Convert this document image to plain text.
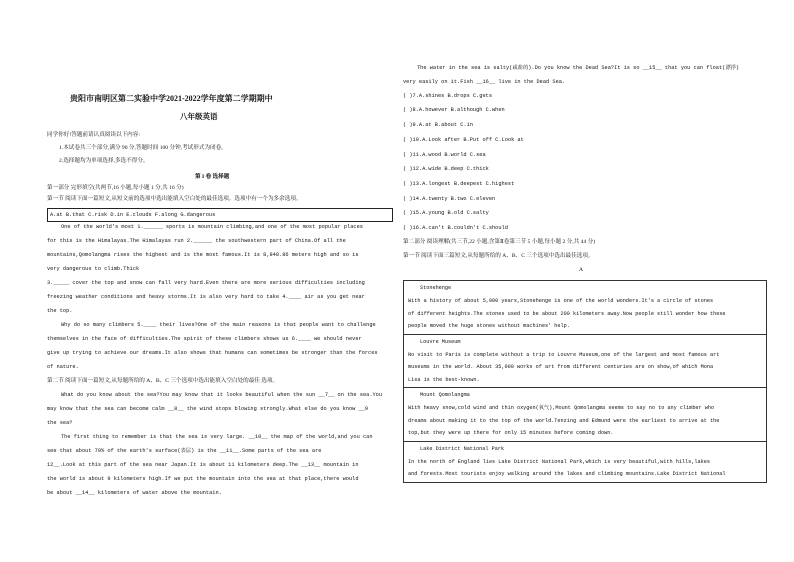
贵阳市南明区第二实验中学2021-2022学年度第二学期期中
八年级英语
同学你好!答题前请认真阅读以下内容:
1.本试卷共三个部分,满分 90 分,答题时间 100 分钟,考试形式为闭卷。
2.选择题均为单项选择,多选不得分。
第 I 卷 选择题
第一部分 完形填空(共两节,16 小题,每小题 1 分,共 16 分)
第一节 阅读下面一篇短文,从短文前的选项中选出能填入空白处的最佳选项。选项中有一个为多余选项。
A.at B.that C.risk D.in E.clouds F.along G.dangerous
One of the world's most 1.______ sports is mountain climbing,and one of the most popular places
for this is the Himalayas.The Himalayas run 2.______ the southwestern part of China.Of all the
mountains,Qomolangma rises the highest and is the most famous.It is 8,848.86 meters high and so is
very dangerous to climb.Thick
3._____ cover the top and snow can fall very hard.Even there are more serious difficulties including
freezing weather conditions and heavy storms.It is also very hard to take 4.____ air as you get near
the top.
Why do so many climbers 5.____ their lives?One of the main reasons is that people want to challenge
themselves in the face of difficulties.The spirit of these climbers shows us 6.____ we should never
give up trying to achieve our dreams.It also shows that humans can sometimes be stronger than the forces
of nature.
第二节 阅读下面一篇短文,从每题所给的 A、B、C 三个选项中选出能填入空白处的最佳 选项。
What do you know about the sea?You may know that it looks beautiful when the sun __7__ on the sea.You
may know that the sea can become calm __8__ the wind stops blowing strongly.What else do you know __9
the sea?
The first thing to remember is that the sea is very large. __10__ the map of the world,and you can
see that about 70% of the earth's surface(表层) is the __11__.Some parts of the sea are
12__.Look at this part of the sea near Japan.It is about 11 kilometers deep.The __13__ mountain in
the world is about 9 kilometers high.If we put the mountain into the sea at that place,there would
be about __14__ kilometers of water above the mountain.
The water in the sea is salty(咸盐的).Do you know the Dead Sea?It is so __15__ that you can float(漂浮)
very easily on it.Fish __16__ live in the Dead Sea.
( )7.A.shines B.drops C.gets
( )8.A.however B.although C.when
( )9.A.at B.about C.in
( )10.A.Look after B.Put off C.Look at
( )11.A.wood B.world C.sea
( )12.A.wide B.deep C.thick
( )13.A.longest B.deepest C.highest
( )14.A.twenty B.two C.eleven
( )15.A.young B.old C.salty
( )16.A.can't B.couldn't C.should
第二部分 阅读理解(共三节,22 小题,含第Ⅱ卷第三节 5 小题,每小题 2 分,共 44 分)
第一节 阅读下面三篇短文,从每题所给的 A、B、C 三个选项中选出最佳选项。
A
Stonehenge
With a history of about 5,000 years,Stonehenge is one of the world wonders.It's a circle of stones
of different heights.The stones used to be about 200 kilometers away.Now people still wonder how these
people moved the huge stones without machines' help.

Louvre Museum
No visit to Paris is complete without a trip to Louvre Museum,one of the largest and most famous art
museums in the world. About 35,000 works of art from different centuries are on show,of which Mona
Lisa is the best-known.

Mount Qomolangma
With heavy snow,cold wind and thin oxygen(氧气),Mount Qomolangma seems to say no to any climber who
dreams about making it to the top of the world.Tenzing and Edmund were the earliest to arrive at the
top,but they were up there for only 15 minutes before coming down.

Lake District National Park
In the north of England lies Lake District National Park,which is very beautiful,with hills,lakes
and forests.Most tourists enjoy walking around the lakes and climbing mountains.Lake District National
